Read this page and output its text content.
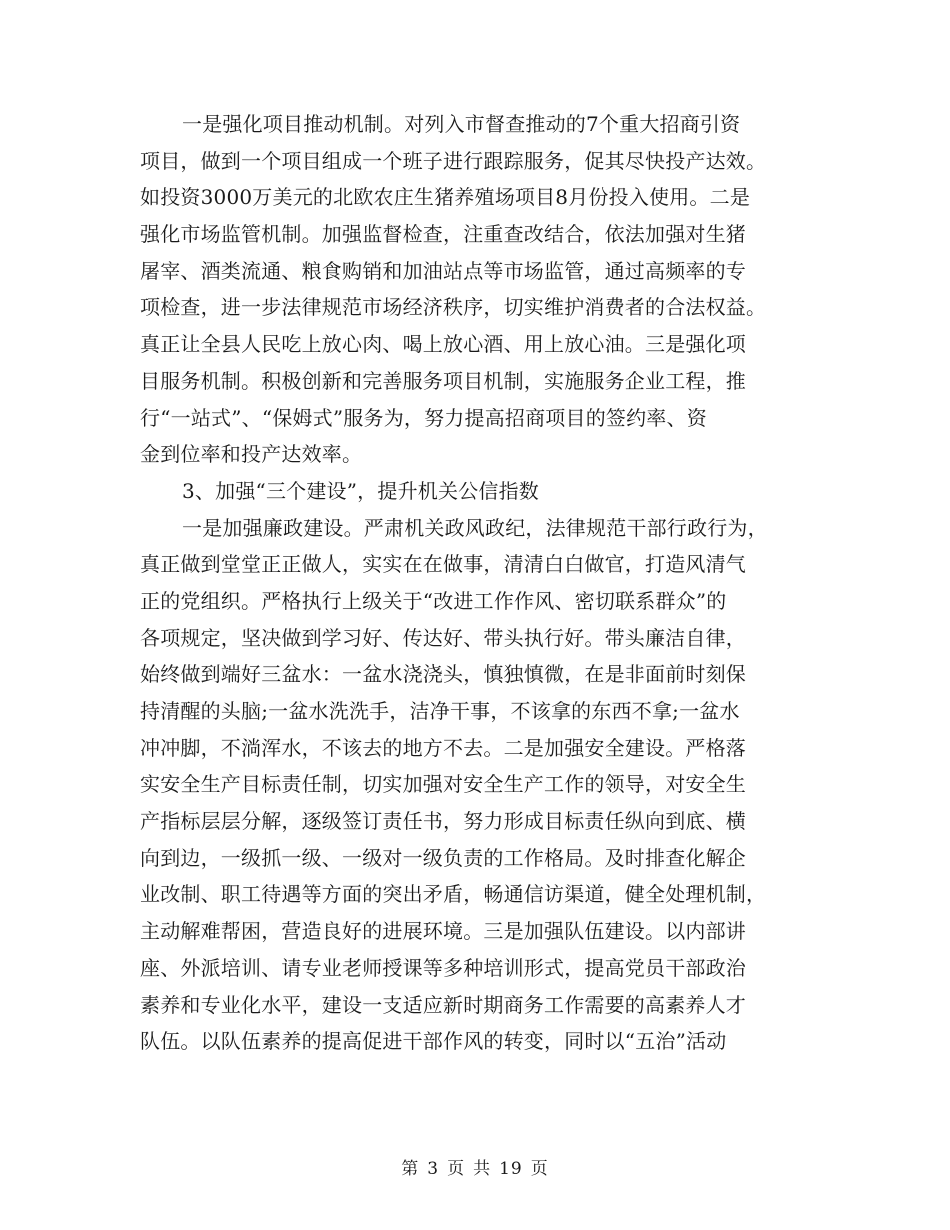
一是强化项目推动机制。对列入市督查推动的7个重大招商引资
项目，做到一个项目组成一个班子进行跟踪服务，促其尽快投产达效。
如投资3000万美元的北欧农庄生猪养殖场项目8月份投入使用。二是
强化市场监管机制。加强监督检查，注重查改结合，依法加强对生猪
屠宰、酒类流通、粮食购销和加油站点等市场监管，通过高频率的专
项检查，进一步法律规范市场经济秩序，切实维护消费者的合法权益。
真正让全县人民吃上放心肉、喝上放心酒、用上放心油。三是强化项
目服务机制。积极创新和完善服务项目机制，实施服务企业工程，推
行“一站式”、“保姆式”服务为，努力提高招商项目的签约率、资
金到位率和投产达效率。
3、加强“三个建设”，提升机关公信指数
一是加强廉政建设。严肃机关政风政纪，法律规范干部行政行为，
真正做到堂堂正正做人，实实在在做事，清清白白做官，打造风清气
正的党组织。严格执行上级关于“改进工作作风、密切联系群众”的
各项规定，坚决做到学习好、传达好、带头执行好。带头廉洁自律，
始终做到端好三盆水：一盆水浇浇头，慎独慎微，在是非面前时刻保
持清醒的头脑;一盆水洗洗手，洁净干事，不该拿的东西不拿;一盆水
冲冲脚，不淌浑水，不该去的地方不去。二是加强安全建设。严格落
实安全生产目标责任制，切实加强对安全生产工作的领导，对安全生
产指标层层分解，逐级签订责任书，努力形成目标责任纵向到底、横
向到边，一级抓一级、一级对一级负责的工作格局。及时排查化解企
业改制、职工待遇等方面的突出矛盾，畅通信访渠道，健全处理机制，
主动解难帮困，营造良好的进展环境。三是加强队伍建设。以内部讲
座、外派培训、请专业老师授课等多种培训形式，提高党员干部政治
素养和专业化水平，建设一支适应新时期商务工作需要的高素养人才
队伍。以队伍素养的提高促进干部作风的转变，同时以“五治”活动
第 3 页 共 19 页
